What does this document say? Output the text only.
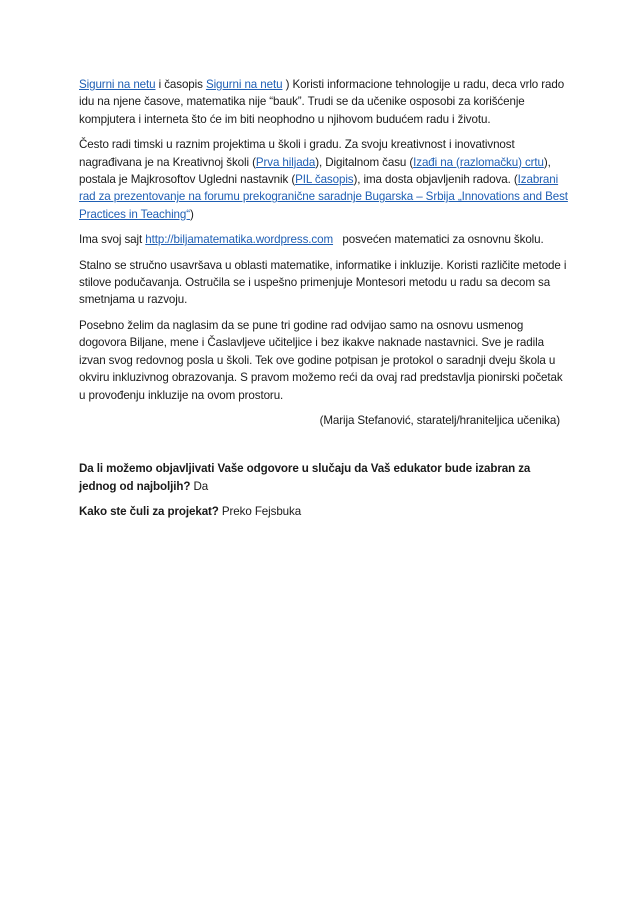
Sigurni na netu i časopis Sigurni na netu ) Koristi informacione tehnologije u radu, deca vrlo rado idu na njene časove, matematika nije “bauk”. Trudi se da učenike osposobi za korišćenje kompjutera i interneta što će im biti neophodno u njihovom budućem radu i životu.

Često radi timski u raznim projektima u školi i gradu. Za svoju kreativnost i inovativnost nagrađivana je na Kreativnoj školi (Prva hiljada), Digitalnom času (Izađi na (razlomačku) crtu), postala je Majkrosoftov Ugledni nastavnik (PIL časopis), ima dosta objavljenih radova. (Izabrani rad za prezentovanje na forumu prekogranične saradnje Bugarska – Srbija „Innovations and Best Practices in Teaching“)

Ima svoj sajt http://biljamatematika.wordpress.com   posvećen matematici za osnovnu školu.

Stalno se stručno usavršava u oblasti matematike, informatike i inkluzije. Koristi različite metode i stilove podučavanja. Ostručila se i uspešno primenjuje Montesori metodu u radu sa decom sa smetnjama u razvoju.

Posebno želim da naglasim da se pune tri godine rad odvijao samo na osnovu usmenog dogovora Biljane, mene i Časlavljeve učiteljice i bez ikakve naknade nastavnici. Sve je radila izvan svog redovnog posla u školi. Tek ove godine potpisan je protokol o saradnji dveju škola u okviru inkluzivnog obrazovanja. S pravom možemo reći da ovaj rad predstavlja pionirski početak u provođenju inkluzije na ovom prostoru.

(Marija Stefanović, staratelj/hraniteljica učenika)

Da li možemo objavljivati Vaše odgovore u slučaju da Vaš edukator bude izabran za jednog od najboljih? Da

Kako ste čuli za projekat? Preko Fejsbuka
